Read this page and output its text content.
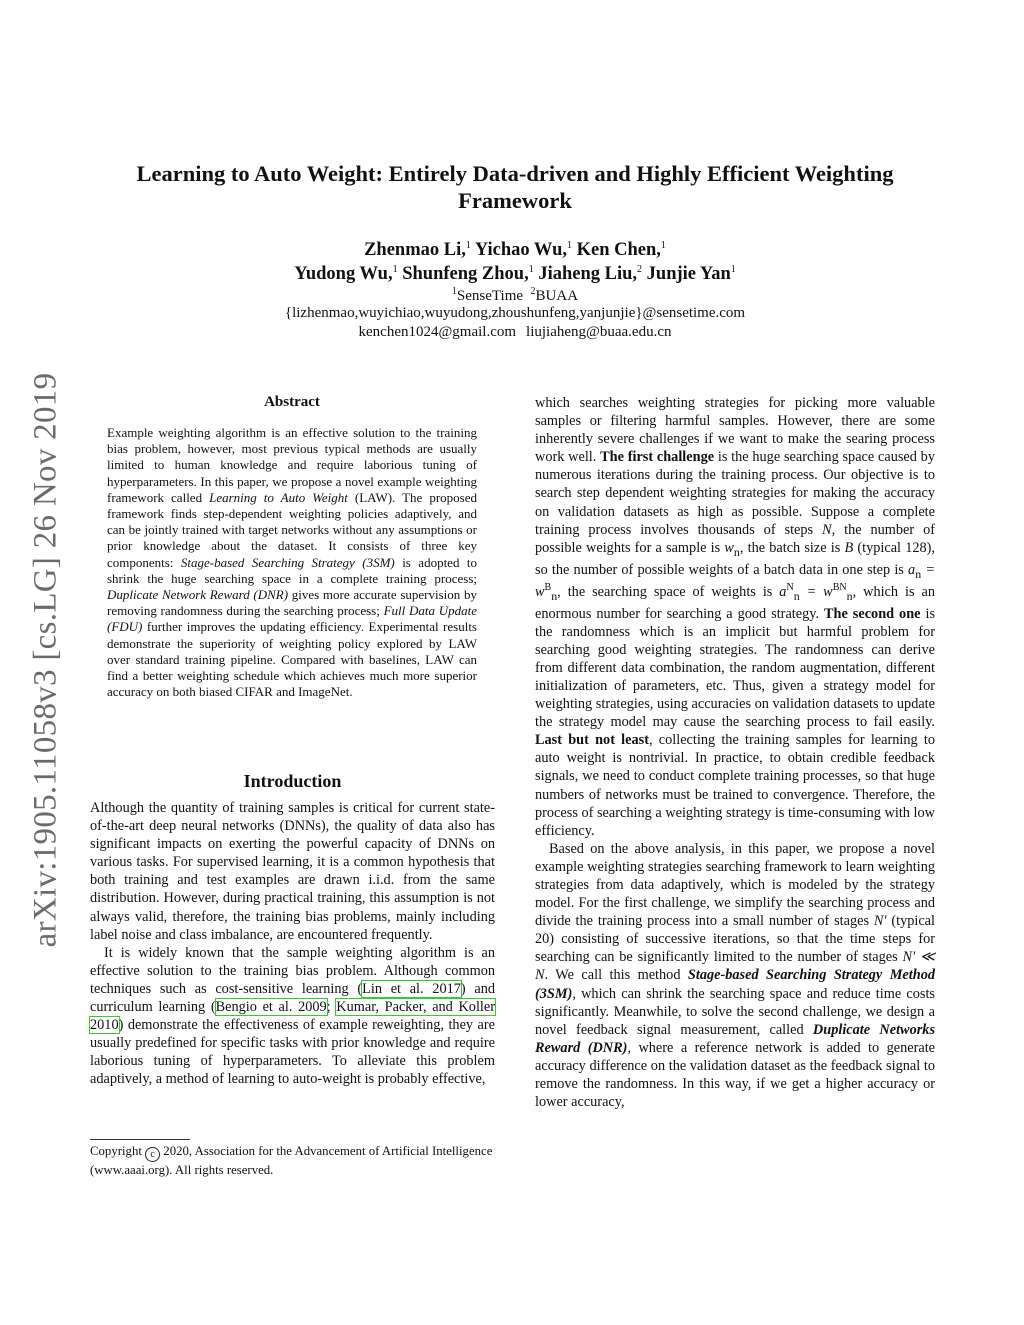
arXiv:1905.11058v3 [cs.LG] 26 Nov 2019
Learning to Auto Weight: Entirely Data-driven and Highly Efficient Weighting Framework
Zhenmao Li,$^1$ Yichao Wu,$^1$ Ken Chen,$^1$
Yudong Wu,$^1$ Shunfeng Zhou,$^1$ Jiaheng Liu,$^2$ Junjie Yan$^1$
$^1$SenseTime $^2$BUAA
{lizhenmao,wuyichiao,wuyudong,zhoushunfeng,yanjunjie}@sensetime.com
kenchen1024@gmail.com liujiaheng@buaa.edu.cn
Abstract

Example weighting algorithm is an effective solution to the training bias problem, however, most previous typical methods are usually limited to human knowledge and require laborious tuning of hyperparameters. In this paper, we propose a novel example weighting framework called Learning to Auto Weight (LAW). The proposed framework finds step-dependent weighting policies adaptively, and can be jointly trained with target networks without any assumptions or prior knowledge about the dataset. It consists of three key components: Stage-based Searching Strategy (3SM) is adopted to shrink the huge searching space in a complete training process; Duplicate Network Reward (DNR) gives more accurate supervision by removing randomness during the searching process; Full Data Update (FDU) further improves the updating efficiency. Experimental results demonstrate the superiority of weighting policy explored by LAW over standard training pipeline. Compared with baselines, LAW can find a better weighting schedule which achieves much more superior accuracy on both biased CIFAR and ImageNet.

Introduction

Although the quantity of training samples is critical for current state-of-the-art deep neural networks (DNNs), the quality of data also has significant impacts on exerting the powerful capacity of DNNs on various tasks. For supervised learning, it is a common hypothesis that both training and test examples are drawn i.i.d. from the same distribution. However, during practical training, this assumption is not always valid, therefore, the training bias problems, mainly including label noise and class imbalance, are encountered frequently.

It is widely known that the sample weighting algorithm is an effective solution to the training bias problem. Although common techniques such as cost-sensitive learning (Lin et al. 2017) and curriculum learning (Bengio et al. 2009; Kumar, Packer, and Koller 2010) demonstrate the effectiveness of example reweighting, they are usually predefined for specific tasks with prior knowledge and require laborious tuning of hyperparameters. To alleviate this problem adaptively, a method of learning to auto-weight is probably effective,

Copyright c 2020, Association for the Advancement of Artificial Intelligence (www.aaai.org). All rights reserved.

which searches weighting strategies for picking more valuable samples or filtering harmful samples. However, there are some inherently severe challenges if we want to make the searing process work well. The first challenge is the huge searching space caused by numerous iterations during the training process. Our objective is to search step dependent weighting strategies for making the accuracy on validation datasets as high as possible. Suppose a complete training process involves thousands of steps N, the number of possible weights for a sample is $w_n$, the batch size is B (typical 128), so the number of possible weights of a batch data in one step is $a_n = w^B_n$, the searching space of weights is $a^N_n = w^{BN}_n$, which is an enormous number for searching a good strategy. The second one is the randomness which is an implicit but harmful problem for searching good weighting strategies. The randomness can derive from different data combination, the random augmentation, different initialization of parameters, etc. Thus, given a strategy model for weighting strategies, using accuracies on validation datasets to update the strategy model may cause the searching process to fail easily. Last but not least, collecting the training samples for learning to auto weight is nontrivial. In practice, to obtain credible feedback signals, we need to conduct complete training processes, so that huge numbers of networks must be trained to convergence. Therefore, the process of searching a weighting strategy is time-consuming with low efficiency.

Based on the above analysis, in this paper, we propose a novel example weighting strategies searching framework to learn weighting strategies from data adaptively, which is modeled by the strategy model. For the first challenge, we simplify the searching process and divide the training process into a small number of stages N′ (typical 20) consisting of successive iterations, so that the time steps for searching can be significantly limited to the number of stages N′ ≪ N. We call this method Stage-based Searching Strategy Method (3SM), which can shrink the searching space and reduce time costs significantly. Meanwhile, to solve the second challenge, we design a novel feedback signal measurement, called Duplicate Networks Reward (DNR), where a reference network is added to generate accuracy difference on the validation dataset as the feedback signal to remove the randomness. In this way, if we get a higher accuracy or lower accuracy,
